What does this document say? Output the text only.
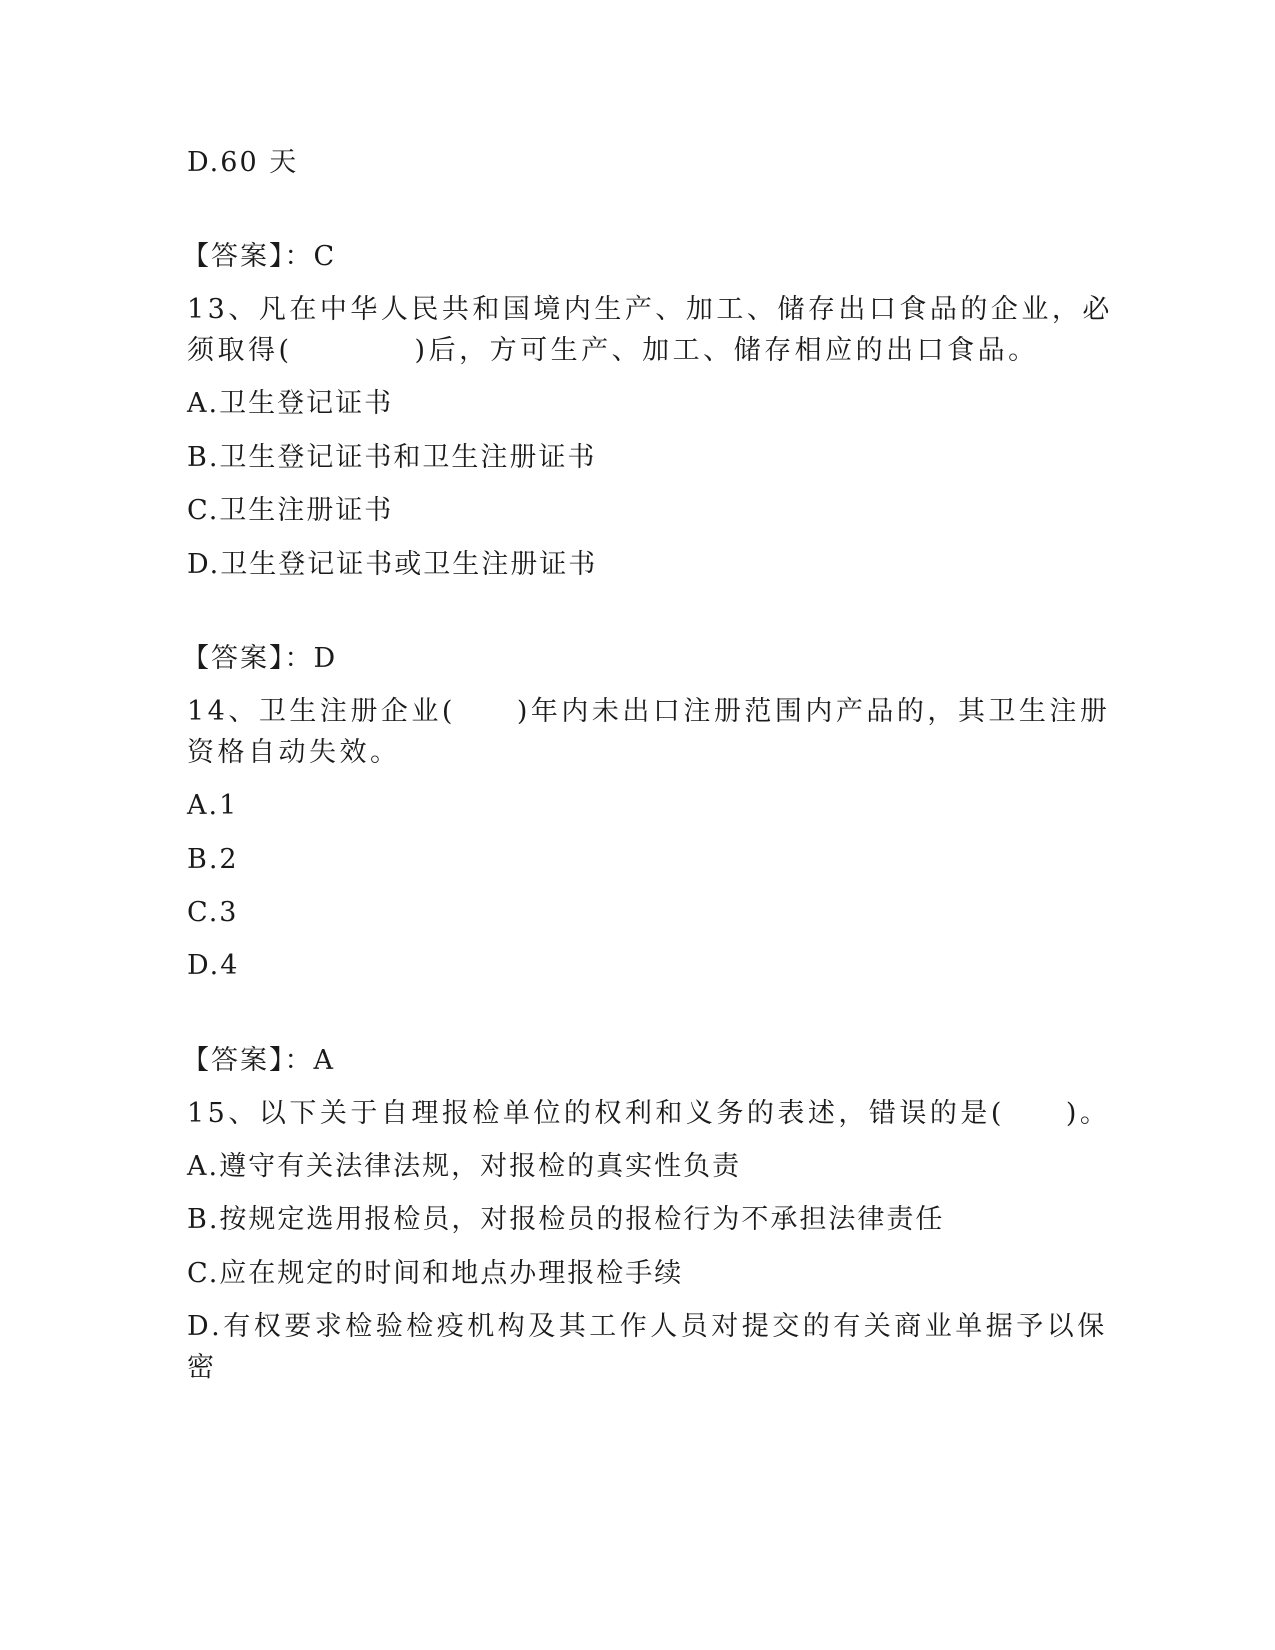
D.60 天
【答案】：C
13、凡在中华人民共和国境内生产、加工、储存出口食品的企业，必
须取得(　　　　)后，方可生产、加工、储存相应的出口食品。
A.卫生登记证书
B.卫生登记证书和卫生注册证书
C.卫生注册证书
D.卫生登记证书或卫生注册证书
【答案】：D
14、卫生注册企业(　　)年内未出口注册范围内产品的，其卫生注册
资格自动失效。
A.1
B.2
C.3
D.4
【答案】：A
15、以下关于自理报检单位的权利和义务的表述，错误的是(　　)。
A.遵守有关法律法规，对报检的真实性负责
B.按规定选用报检员，对报检员的报检行为不承担法律责任
C.应在规定的时间和地点办理报检手续
D.有权要求检验检疫机构及其工作人员对提交的有关商业单据予以保
密
